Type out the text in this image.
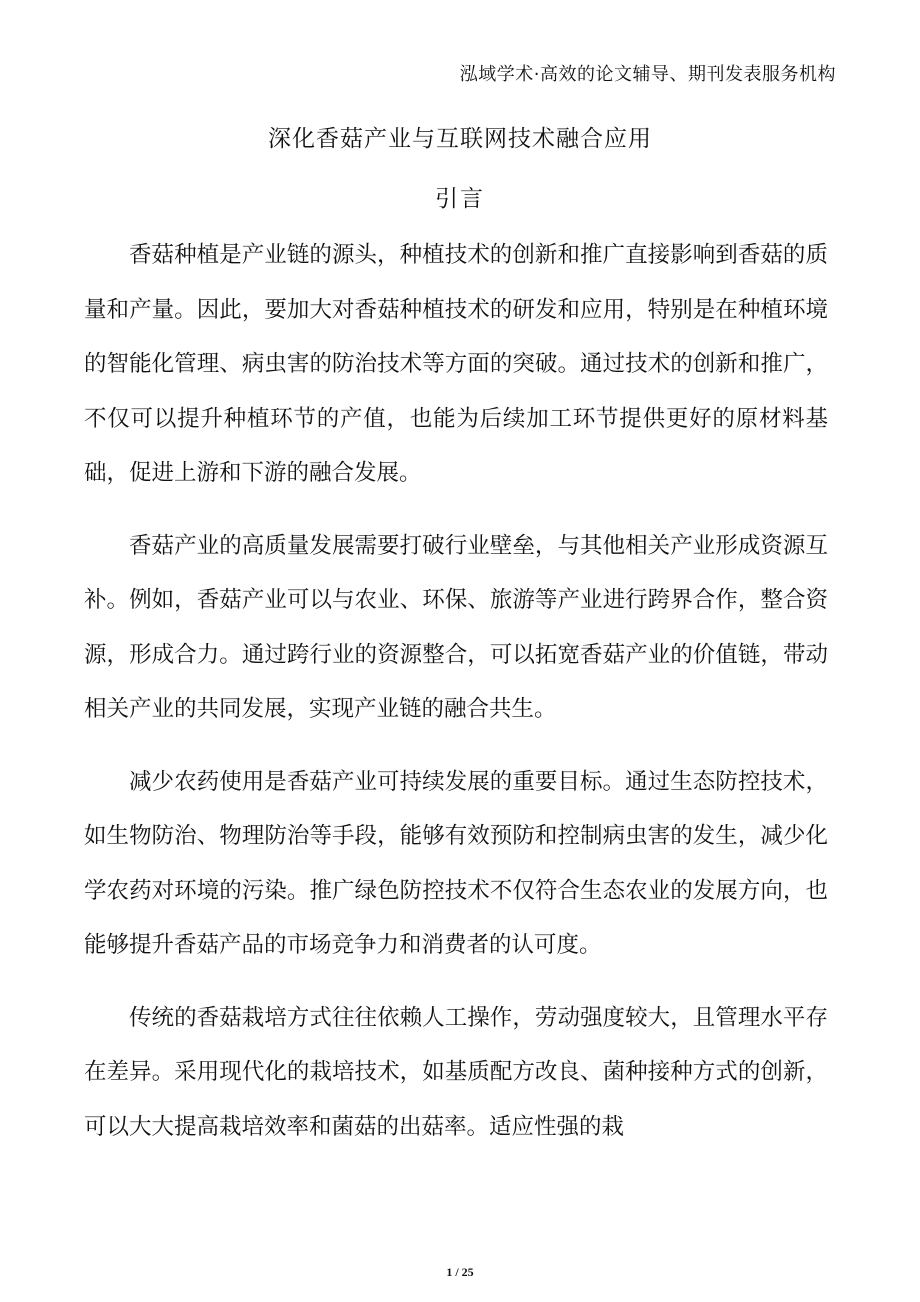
泓域学术·高效的论文辅导、期刊发表服务机构
深化香菇产业与互联网技术融合应用
引言

香菇种植是产业链的源头，种植技术的创新和推广直接影响到香菇的质量和产量。因此，要加大对香菇种植技术的研发和应用，特别是在种植环境的智能化管理、病虫害的防治技术等方面的突破。通过技术的创新和推广，不仅可以提升种植环节的产值，也能为后续加工环节提供更好的原材料基础，促进上游和下游的融合发展。

香菇产业的高质量发展需要打破行业壁垒，与其他相关产业形成资源互补。例如，香菇产业可以与农业、环保、旅游等产业进行跨界合作，整合资源，形成合力。通过跨行业的资源整合，可以拓宽香菇产业的价值链，带动相关产业的共同发展，实现产业链的融合共生。

减少农药使用是香菇产业可持续发展的重要目标。通过生态防控技术，如生物防治、物理防治等手段，能够有效预防和控制病虫害的发生，减少化学农药对环境的污染。推广绿色防控技术不仅符合生态农业的发展方向，也能够提升香菇产品的市场竞争力和消费者的认可度。

传统的香菇栽培方式往往依赖人工操作，劳动强度较大，且管理水平存在差异。采用现代化的栽培技术，如基质配方改良、菌种接种方式的创新，可以大大提高栽培效率和菌菇的出菇率。适应性强的栽

1 / 25
